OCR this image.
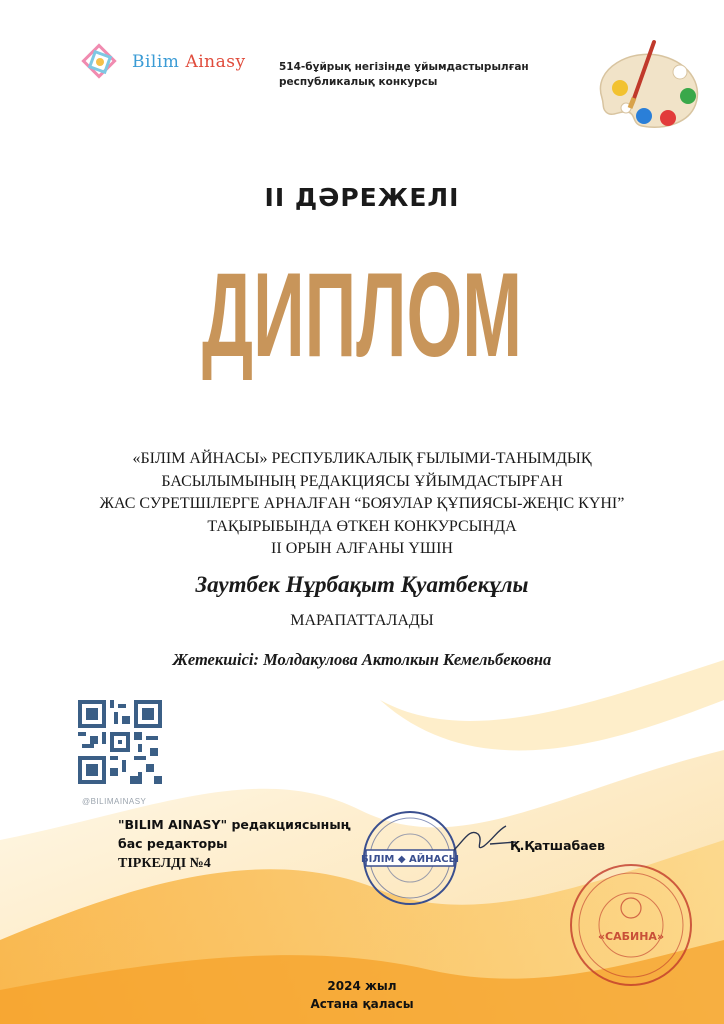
Bilim Ainasy	514-бұйрық негізінде ұйымдастырылған
республикалық конкурсы
ІІ ДӘРЕЖЕЛІ
ДИПЛОМ
«БІЛІМ АЙНАСЫ» РЕСПУБЛИКАЛЫҚ ҒЫЛЫМИ-ТАНЫМДЫҚ
БАСЫЛЫМЫНЫҢ РЕДАКЦИЯСЫ ҰЙЫМДАСТЫРҒАН
ЖАС СУРЕТШІЛЕРГЕ АРНАЛҒАН “БОЯУЛАР ҚҰПИЯСЫ-ЖЕҢІС КҮНІ”
ТАҚЫРЫБЫНДА ӨТКЕН КОНКУРСЫНДА
ІІ ОРЫН АЛҒАНЫ ҮШІН
Заутбек Нұрбақыт Қуатбекұлы
МАРАПАТТАЛАДЫ
Жетекшісі: Молдакулова Актолкын Кемельбековна
@BILIMAINASY
"BILIM AINASY" редакциясының
бас редакторы
ТІРКЕЛДІ №4	БІЛІМ ◆ АЙНАСЫ
Қ.Қатшабаев
«САБИНА»
2024 жыл
Астана қаласы
